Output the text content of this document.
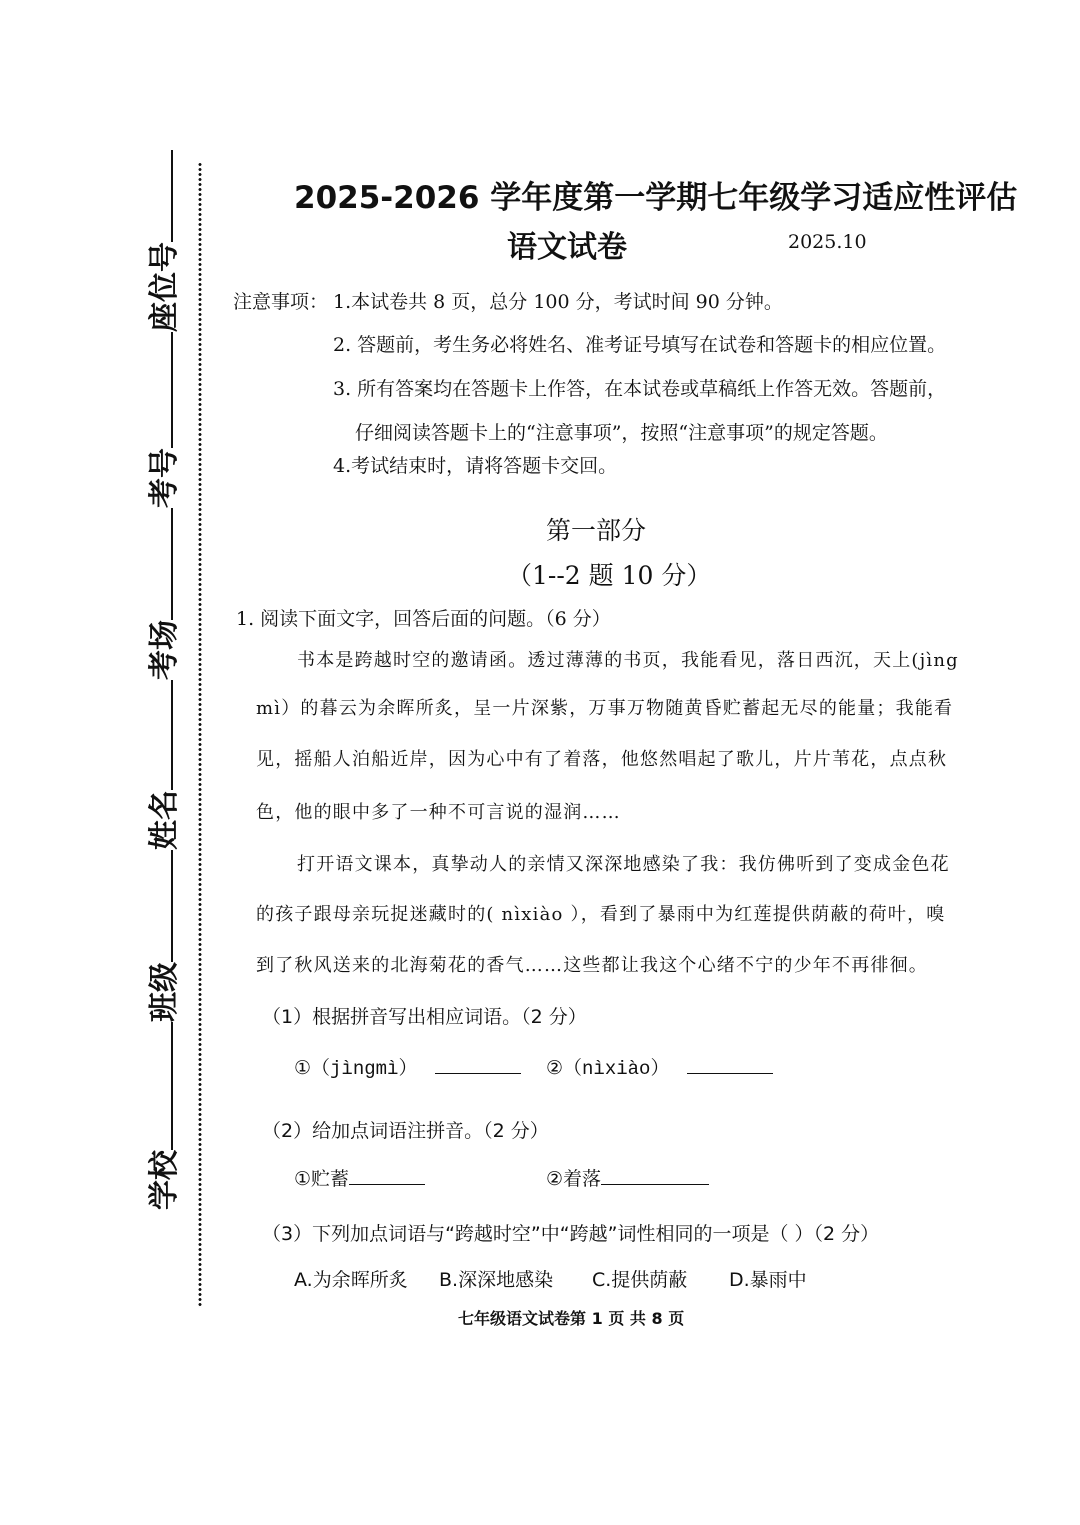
学校
班级
姓名
考场
考号
座位号
2025-2026 学年度第一学期七年级学习适应性评估
语文试卷	2025.10
注意事项： 1.本试卷共 8 页，总分 100 分，考试时间 90 分钟。
2. 答题前，考生务必将姓名、准考证号填写在试卷和答题卡的相应位置。
3. 所有答案均在答题卡上作答，在本试卷或草稿纸上作答无效。答题前，
仔细阅读答题卡上的“注意事项”，按照“注意事项”的规定答题。
4.考试结束时，请将答题卡交回。
第一部分
（1--2 题 10 分）
1. 阅读下面文字，回答后面的问题。（6 分）
书本是跨越时空的邀请函。透过薄薄的书页，我能看见，落日西沉，天上(jìng
mì）的暮云为余晖所炙，呈一片深紫，万事万物随黄昏贮蓄起无尽的能量；我能看
见，摇船人泊船近岸，因为心中有了着落，他悠然唱起了歌儿，片片苇花，点点秋
色，他的眼中多了一种不可言说的湿润……
打开语文课本，真挚动人的亲情又深深地感染了我：我仿佛听到了变成金色花
的孩子跟母亲玩捉迷藏时的( nìxiào ），看到了暴雨中为红莲提供荫蔽的荷叶，嗅
到了秋风送来的北海菊花的香气……这些都让我这个心绪不宁的少年不再徘徊。
（1）根据拼音写出相应词语。（2 分）
①（jìngmì）	②（nìxiào）
（2）给加点词语注拼音。（2 分）
①贮蓄	②着落
（3）下列加点词语与“跨越时空”中“跨越”词性相同的一项是（ ）（2 分）
A.为余晖所炙 B.深深地感染 C.提供荫蔽 D.暴雨中
七年级语文试卷第 1 页 共 8 页
